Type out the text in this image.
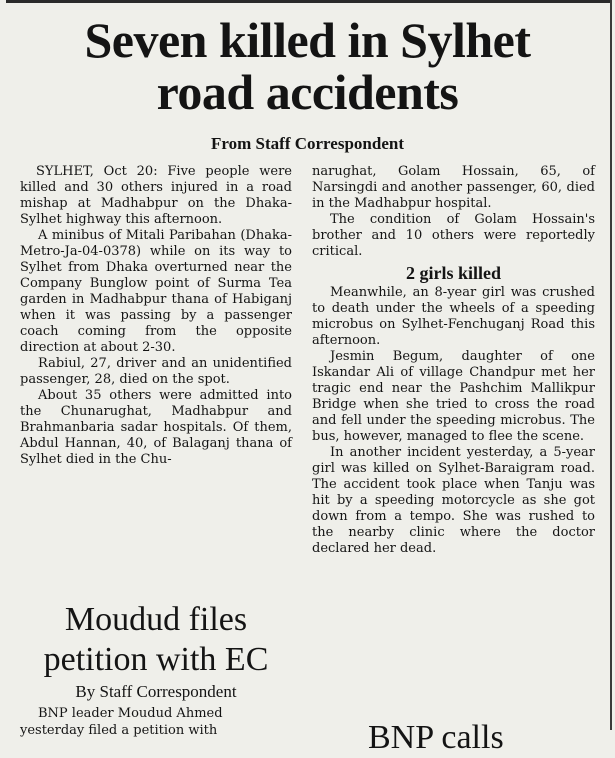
Seven killed in Sylhet
road accidents
From Staff Correspondent

SYLHET, Oct 20: Five people were killed and 30 others injured in a road mishap at Madhabpur on the Dhaka-Sylhet highway this afternoon.

A minibus of Mitali Paribahan (Dhaka-Metro-Ja-04-0378) while on its way to Sylhet from Dhaka overturned near the Company Bunglow point of Surma Tea garden in Madhabpur thana of Habiganj when it was passing by a passenger coach coming from the opposite direction at about 2-30.

Rabiul, 27, driver and an unidentified passenger, 28, died on the spot.

About 35 others were admitted into the Chunarughat, Madhabpur and Brahmanbaria sadar hospitals. Of them, Abdul Hannan, 40, of Balaganj thana of Sylhet died in the Chu-

narughat, Golam Hossain, 65, of Narsingdi and another passenger, 60, died in the Madhabpur hospital.

The condition of Golam Hossain's brother and 10 others were reportedly critical.

2 girls killed

Meanwhile, an 8-year girl was crushed to death under the wheels of a speeding microbus on Sylhet-Fenchuganj Road this afternoon.

Jesmin Begum, daughter of one Iskandar Ali of village Chandpur met her tragic end near the Pashchim Mallikpur Bridge when she tried to cross the road and fell under the speeding microbus. The bus, however, managed to flee the scene.

In another incident yesterday, a 5-year girl was killed on Sylhet-Baraigram road. The accident took place when Tanju was hit by a speeding motorcycle as she got down from a tempo. She was rushed to the nearby clinic where the doctor declared her dead.

Moudud files
petition with EC
By Staff Correspondent

BNP leader Moudud Ahmed

yesterday filed a petition with	BNP calls
